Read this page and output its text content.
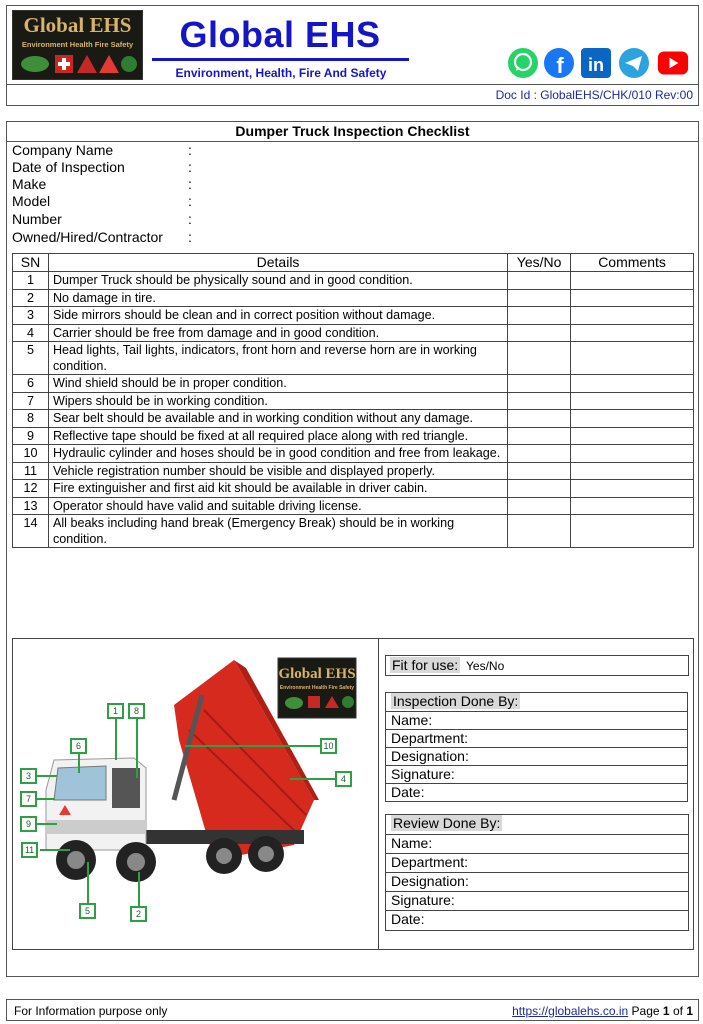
Global EHS
Environment Health Fire Safety	Global EHS
Environment, Health, Fire And Safety	f in
Doc Id : GlobalEHS/CHK/010 Rev:00
Dumper Truck Inspection Checklist
Company Name	:
Date of Inspection	:
Make	:
Model	:
Number	:
Owned/Hired/Contractor :
SN	Details	Yes/No	Comments
1	Dumper Truck should be physically sound and in good condition.		
2	No damage in tire.		
3	Side mirrors should be clean and in correct position without damage.		
4	Carrier should be free from damage and in good condition.		
5	Head lights, Tail lights, indicators, front horn and reverse horn are in working condition.		
6	Wind shield should be in proper condition.		
7	Wipers should be in working condition.		
8	Sear belt should be available and in working condition without any damage.		
9	Reflective tape should be fixed at all required place along with red triangle.		
10	Hydraulic cylinder and hoses should be in good condition and free from leakage.		
11	Vehicle registration number should be visible and displayed properly.		
12	Fire extinguisher and first aid kit should be available in driver cabin.		
13	Operator should have valid and suitable driving license.		
14	All beaks including hand break (Emergency Break) should be in working condition.		
Global EHS
Environment Health Fire Safety
1	8
6	10
3	4
7
9
11
5	2
Fit for use: Yes/No
Inspection Done By:
Name:
Department:
Designation:
Signature:
Date:
Review Done By:
Name:
Department:
Designation:
Signature:
Date:
For Information purpose only	https://globalehs.co.in Page 1 of 1
